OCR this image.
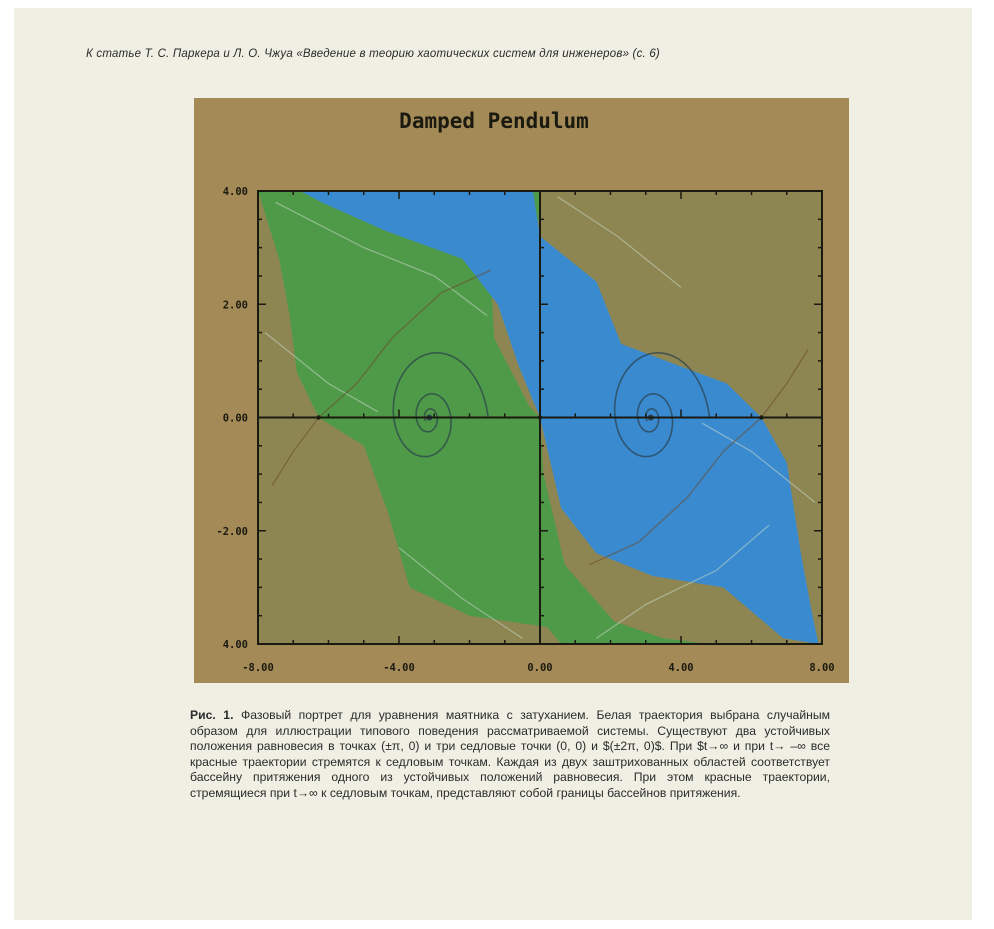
К статье Т. С. Паркера и Л. О. Чжуа «Введение в теорию хаотических систем для инженеров» (с. 6)
Damped Pendulum
-8.00	-4.00	0.00	4.00	8.00
4.00
2.00
0.00
-2.00
4.00
Рис. 1. Фазовый портрет для уравнения маятника с затуханием. Белая траектория выбрана случайным образом для иллюстрации типового поведения рассматриваемой системы. Существуют два устойчивых положения равновесия в точках (±π, 0) и три седловые точки (0, 0) и $(±2π, 0)$. При $t→∞ и при t→ –∞ все красные траектории стремятся к седловым точкам. Каждая из двух заштрихованных областей соответствует бассейну притяжения одного из устойчивых положений равновесия. При этом красные траектории, стремящиеся при t→∞ к седловым точкам, представляют собой границы бассейнов притяжения.
